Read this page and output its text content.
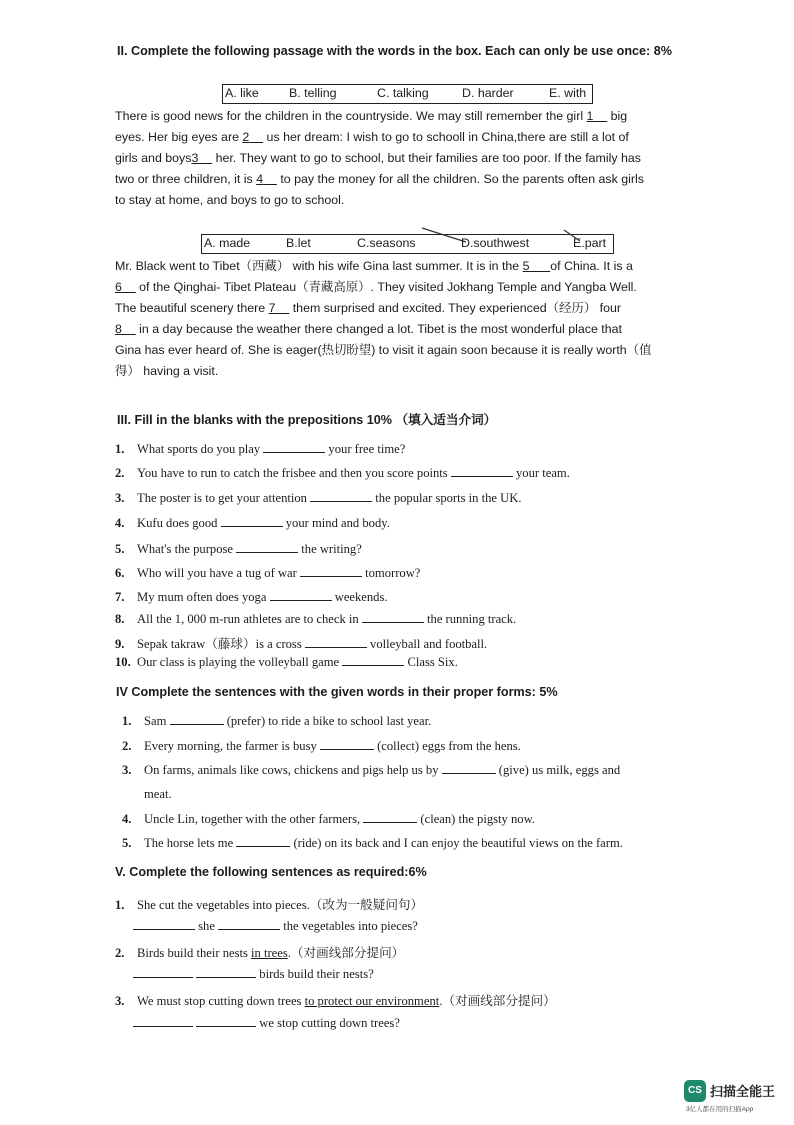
II. Complete the following passage with the words in the box. Each can only be use once: 8%
A. like B. telling	C. talking	D. harder	E. with
There is good news for the children in the countryside. We may still remember the girl 1     big
eyes. Her big eyes are 2     us her dream: I wish to go to schooll in China,there are still a lot of
girls and boys3     her. They want to go to school, but their families are too poor. If the family has
two or three children, it is 4     to pay the money for all the children. So the parents often ask girls
to stay at home, and boys to go to school.
A. made	B.let	C.seasons	D.southwest	E.part
Mr. Black went to Tibet（西藏） with his wife Gina last summer. It is in the 5 of China. It is a
6     of the Qinghai- Tibet Plateau（青藏高原）. They visited Jokhang Temple and Yangba Well.
The beautiful scenery there 7     them surprised and excited. They experienced（经历） four
8     in a day because the weather there changed a lot. Tibet is the most wonderful place that
Gina has ever heard of. She is eager(热切盼望) to visit it again soon because it is really worth（值
得） having a visit.
III. Fill in the blanks with the prepositions 10% （填入适当介词）
1. What sports do you play	your free time?
2. You have to run to catch the frisbee and then you score points	your team.
3. The poster is to get your attention	the popular sports in the UK.
4. Kufu does good	your mind and body.
5. What's the purpose	the writing?
6. Who will you have a tug of war	tomorrow?
7. My mum often does yoga	weekends.
8. All the 1, 000 m-run athletes are to check in	the running track.
9. Sepak takraw（藤球）is a cross	volleyball and football.
10. Our class is playing the volleyball game	Class Six.
IV Complete the sentences with the given words in their proper forms: 5%
1. Sam	(prefer) to ride a bike to school last year.
2. Every morning, the farmer is busy	(collect) eggs from the hens.
3. On farms, animals like cows, chickens and pigs help us by	(give) us milk, eggs and
meat.
4. Uncle Lin, together with the other farmers,	(clean) the pigsty now.
5. The horse lets me	(ride) on its back and I can enjoy the beautiful views on the farm.
V. Complete the following sentences as required:6%
1. She cut the vegetables into pieces.（改为一般疑问句）
she	the vegetables into pieces?
2. Birds build their nests in trees.（对画线部分提问）
birds build their nests?
3. We must stop cutting down trees to protect our environment.（对画线部分提问）
we stop cutting down trees?
CS 扫描全能王
3亿人都在用的扫描App
